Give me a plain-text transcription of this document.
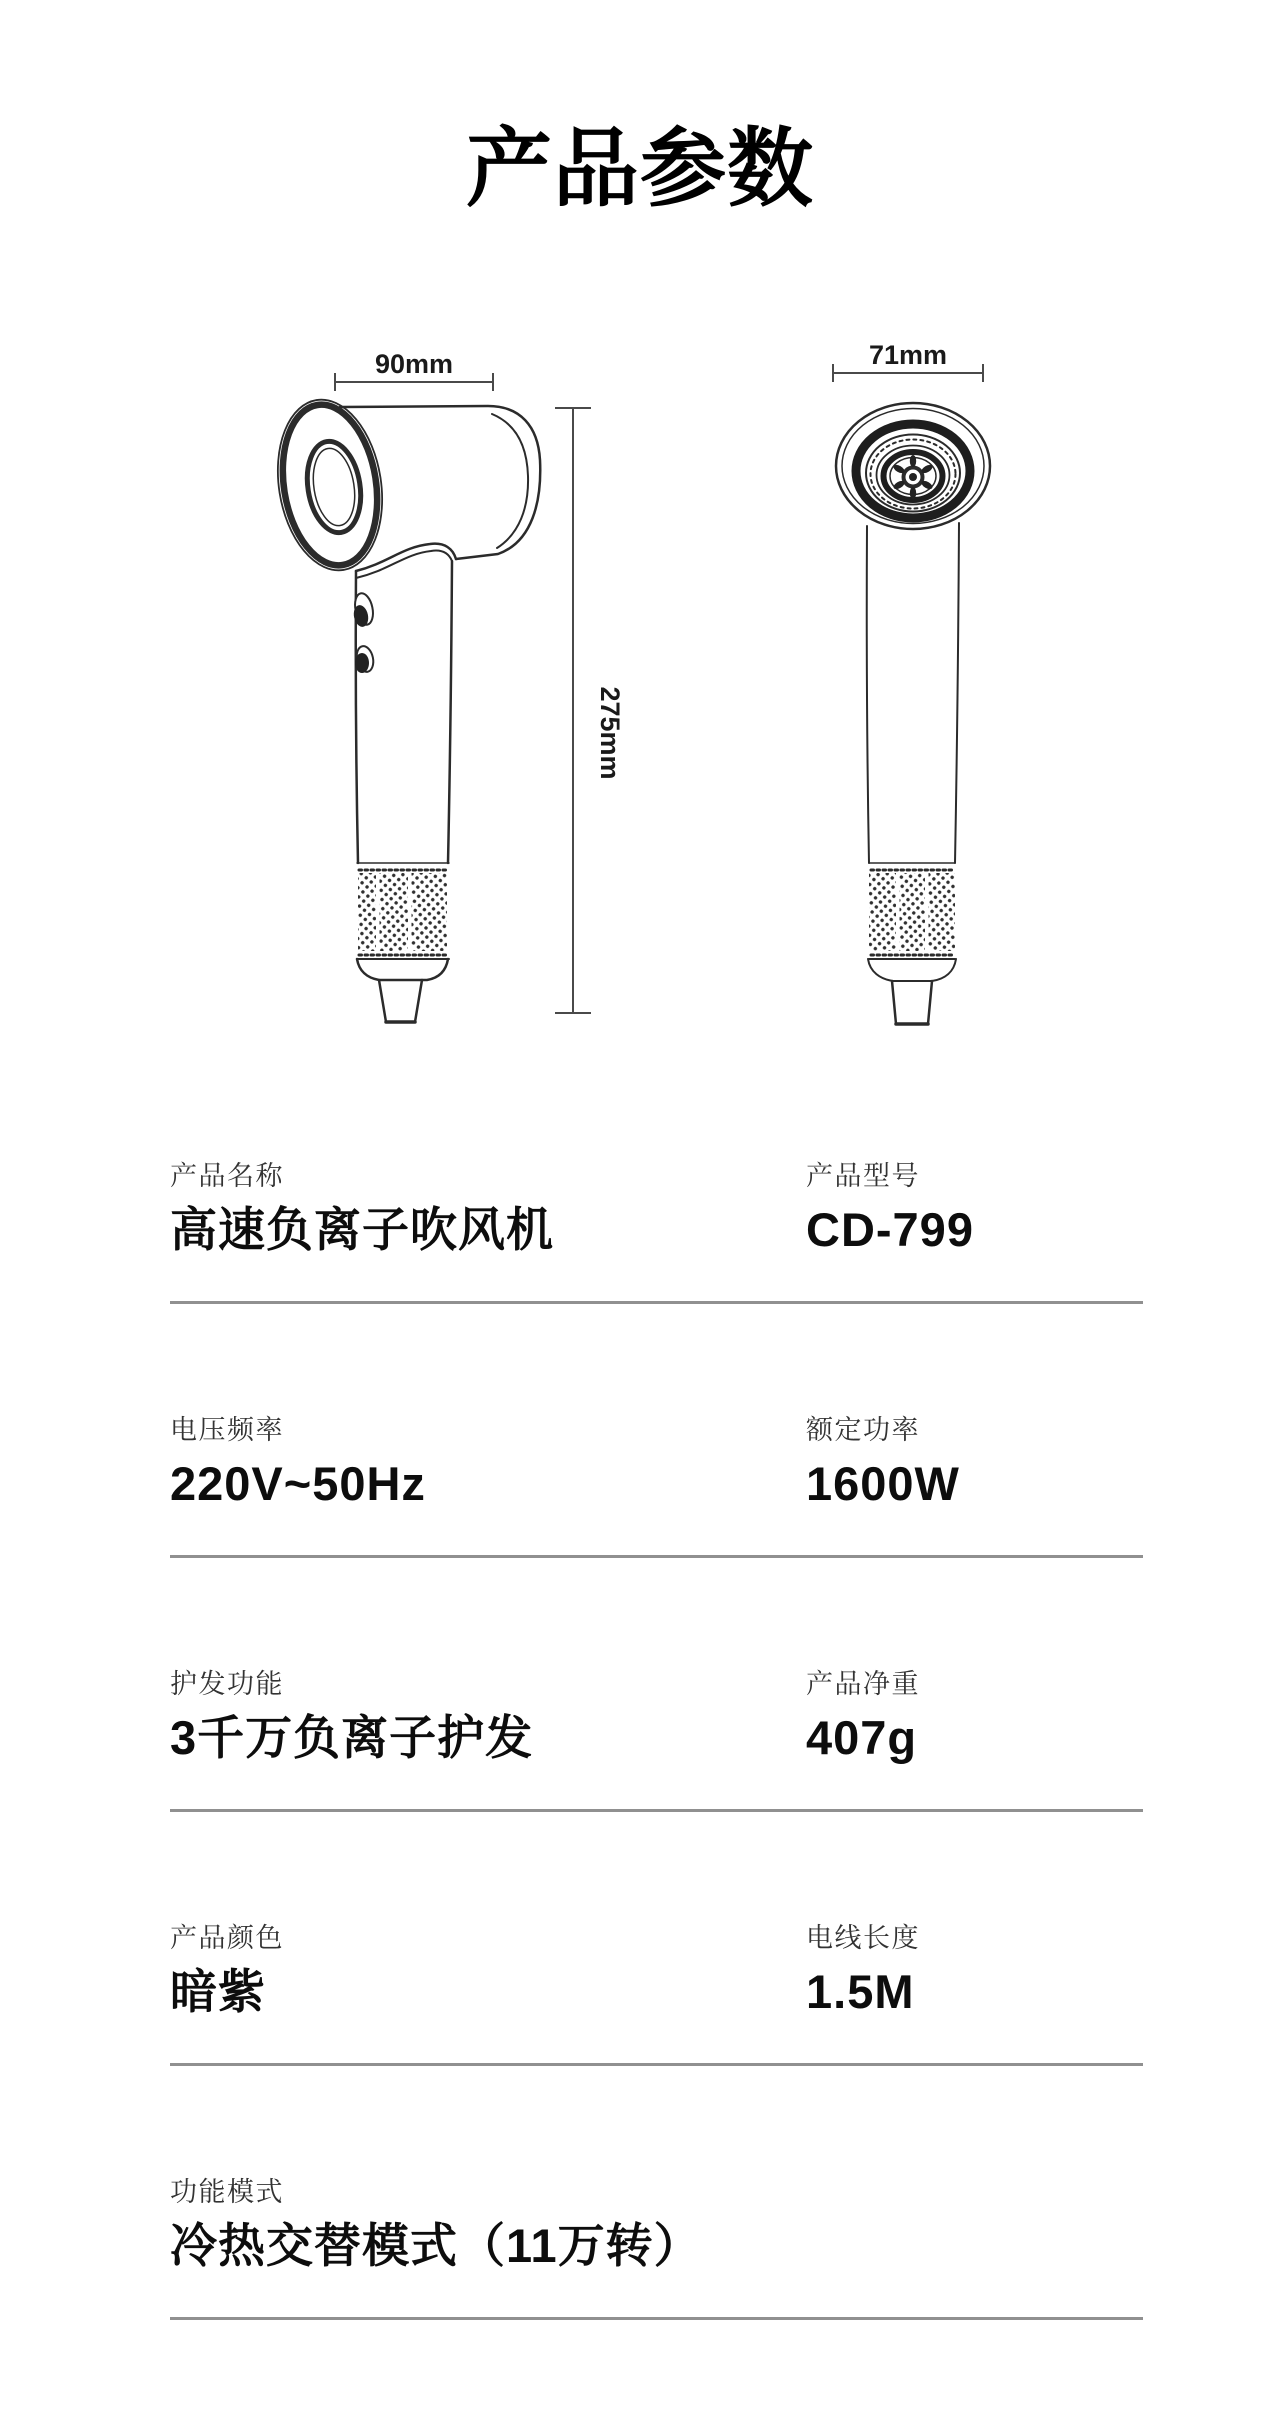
产品参数
90mm	71mm
275mm
产品名称
高速负离子吹风机
产品型号
CD-799
电压频率
220V~50Hz
额定功率
1600W
护发功能
3千万负离子护发
产品净重
407g
产品颜色
暗紫
电线长度
1.5M
功能模式
冷热交替模式（11万转）
